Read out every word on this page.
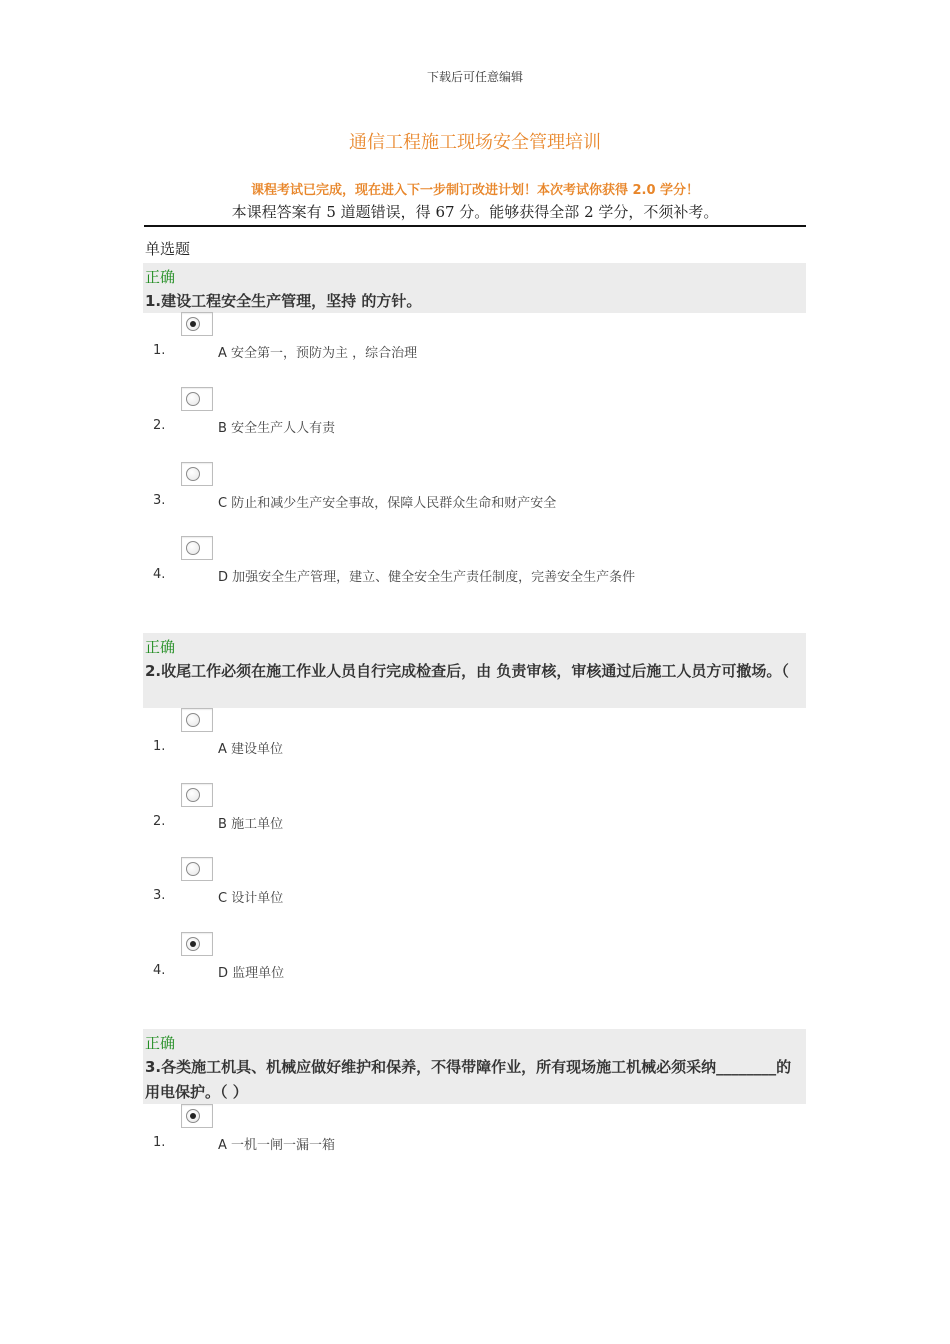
下载后可任意编辑
通信工程施工现场安全管理培训
课程考试已完成，现在进入下一步制订改进计划！本次考试你获得 2.0 学分！
本课程答案有 5 道题错误，得 67 分。能够获得全部 2 学分，不须补考。
单选题
正确
1.建设工程安全生产管理，坚持 的方针。
1.	A 安全第一，预防为主 ，综合治理
2.	B 安全生产人人有责
3.	C 防止和减少生产安全事故，保障人民群众生命和财产安全
4.	D 加强安全生产管理，建立、健全安全生产责任制度，完善安全生产条件
正确
2.收尾工作必须在施工作业人员自行完成检查后，由 负责审核，审核通过后施工人员方可撤场。（
1.	A 建设单位
2.	B 施工单位
3.	C 设计单位
4.	D 监理单位
正确
3.各类施工机具、机械应做好维护和保养，不得带障作业，所有现场施工机械必须采纳________的用电保护。（ ）
1.	A 一机一闸一漏一箱
